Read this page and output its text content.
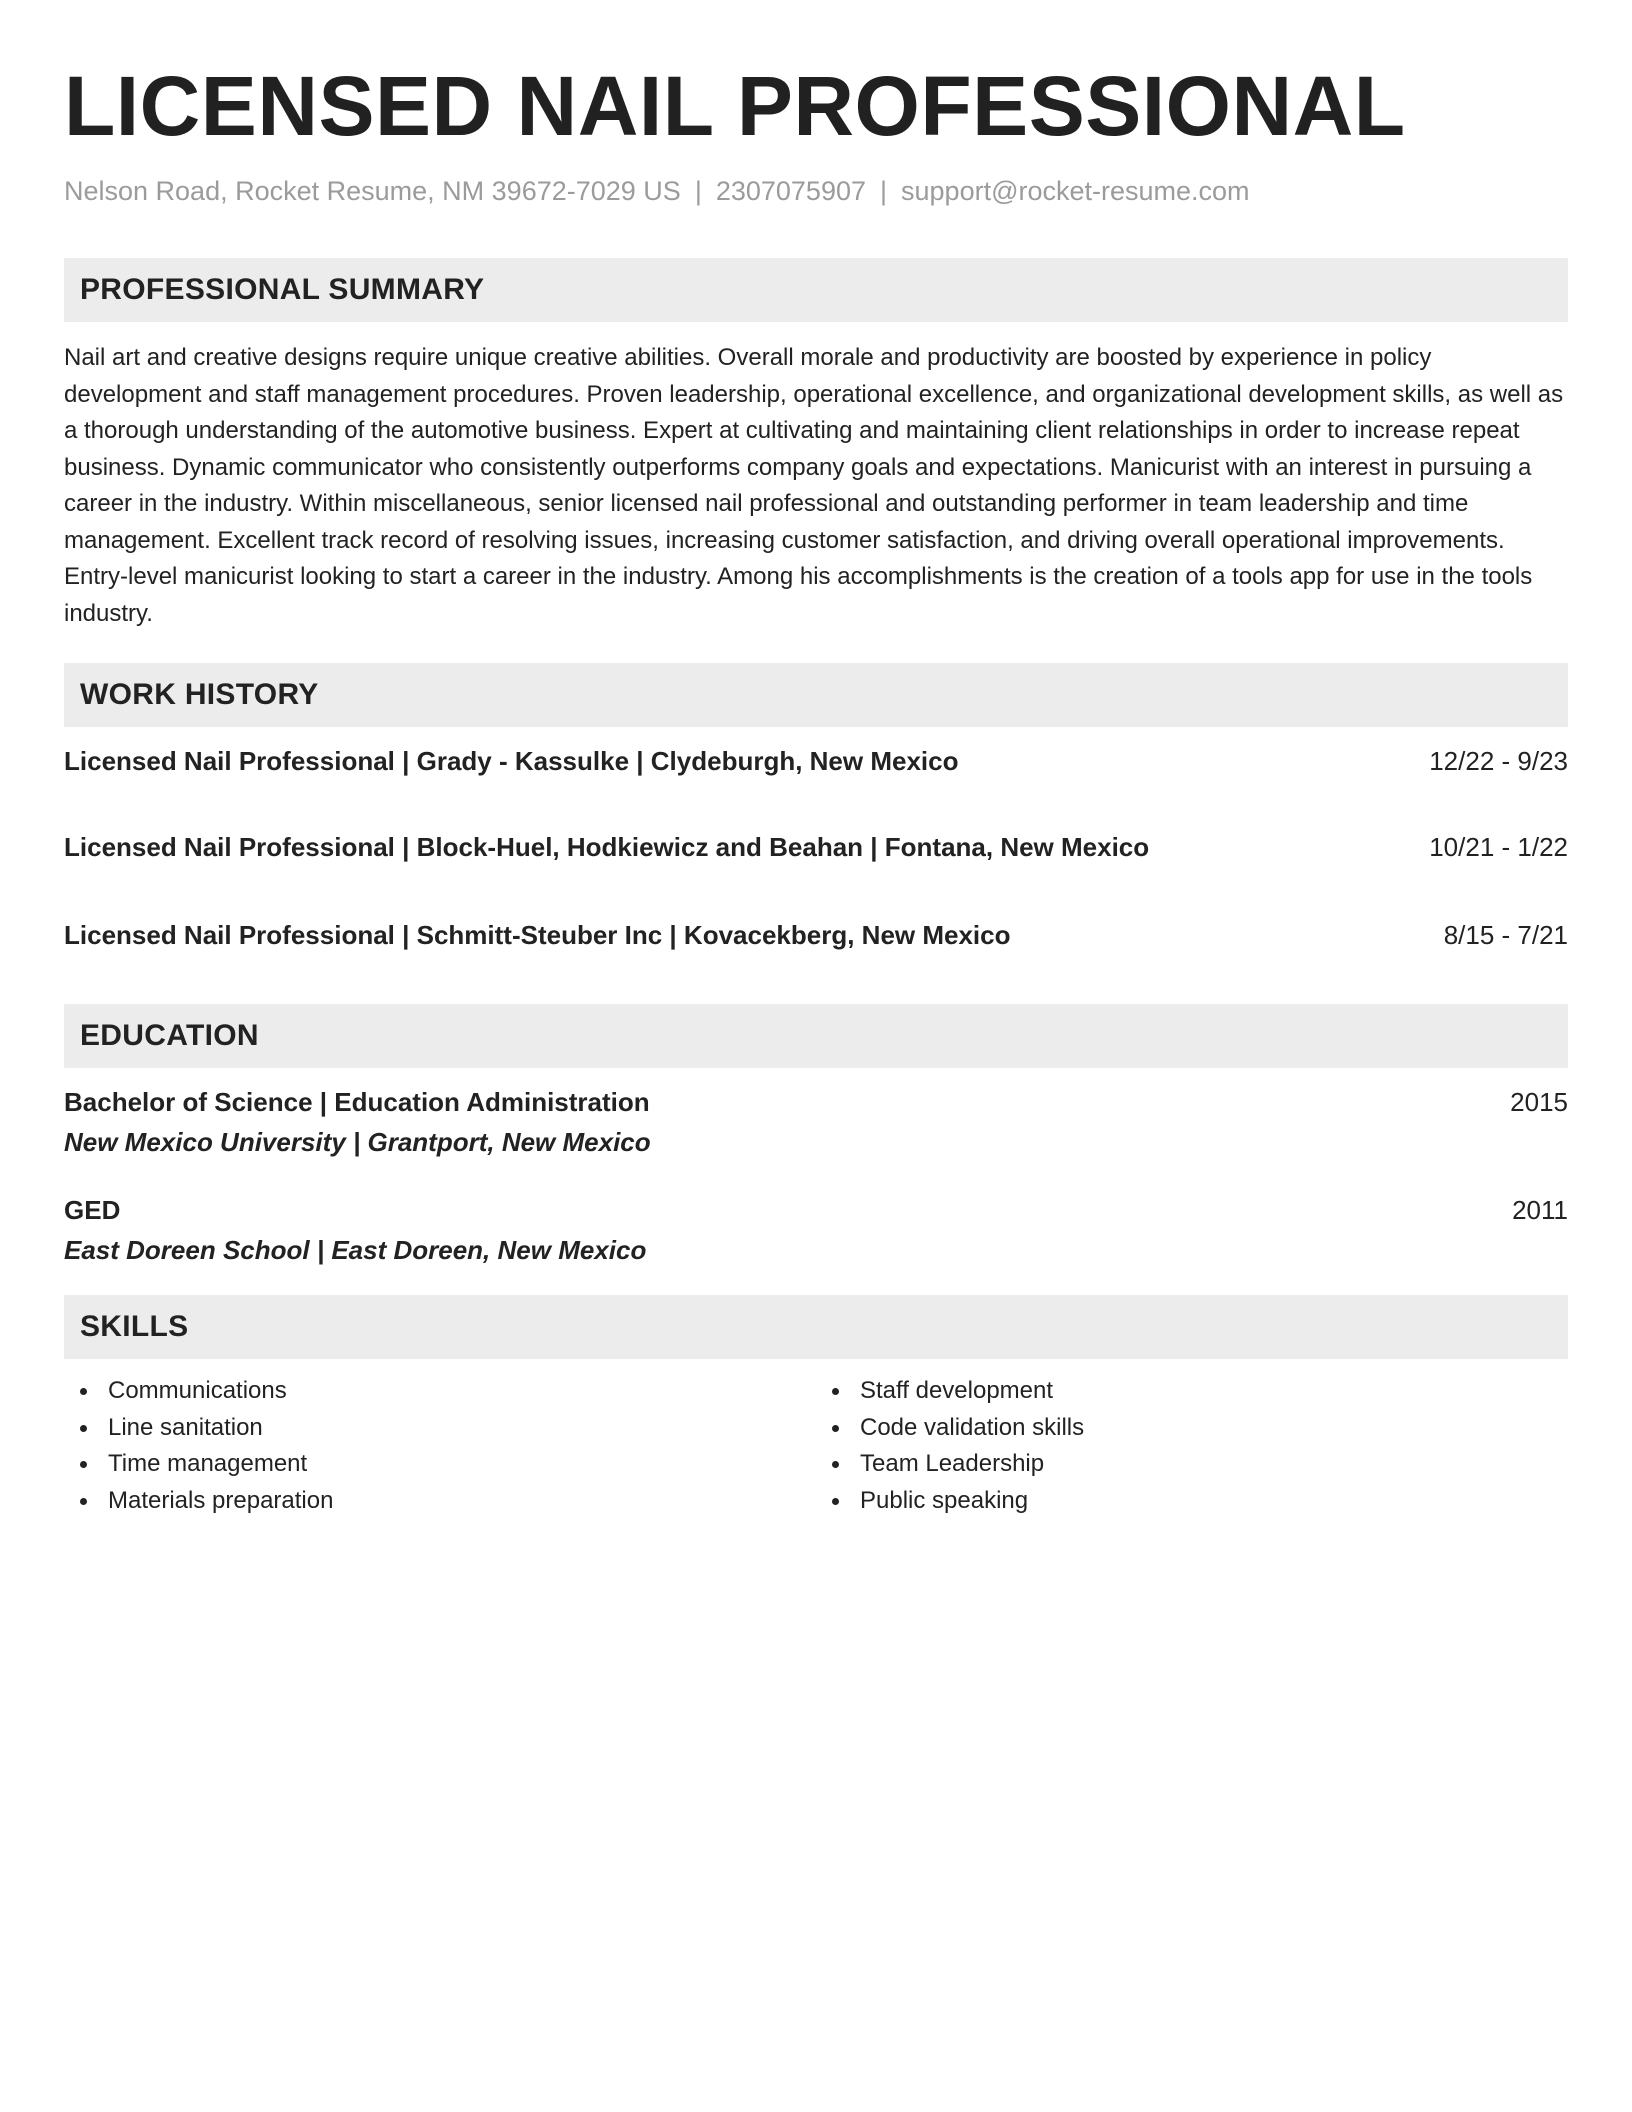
LICENSED NAIL PROFESSIONAL
Nelson Road, Rocket Resume, NM 39672-7029 US | 2307075907 | support@rocket-resume.com
PROFESSIONAL SUMMARY

Nail art and creative designs require unique creative abilities. Overall morale and productivity are boosted by experience in policy development and staff management procedures. Proven leadership, operational excellence, and organizational development skills, as well as a thorough understanding of the automotive business. Expert at cultivating and maintaining client relationships in order to increase repeat business. Dynamic communicator who consistently outperforms company goals and expectations. Manicurist with an interest in pursuing a career in the industry. Within miscellaneous, senior licensed nail professional and outstanding performer in team leadership and time management. Excellent track record of resolving issues, increasing customer satisfaction, and driving overall operational improvements. Entry-level manicurist looking to start a career in the industry. Among his accomplishments is the creation of a tools app for use in the tools industry.

WORK HISTORY
Licensed Nail Professional | Grady - Kassulke | Clydeburgh, New Mexico	12/22 - 9/23
Licensed Nail Professional | Block-Huel, Hodkiewicz and Beahan | Fontana, New Mexico	10/21 - 1/22
Licensed Nail Professional | Schmitt-Steuber Inc | Kovacekberg, New Mexico	8/15 - 7/21
EDUCATION
Bachelor of Science | Education Administration	2015
New Mexico University | Grantport, New Mexico
GED	2011
East Doreen School | East Doreen, New Mexico
SKILLS
Communications
Line sanitation
Time management
Materials preparation
Staff development
Code validation skills
Team Leadership
Public speaking
